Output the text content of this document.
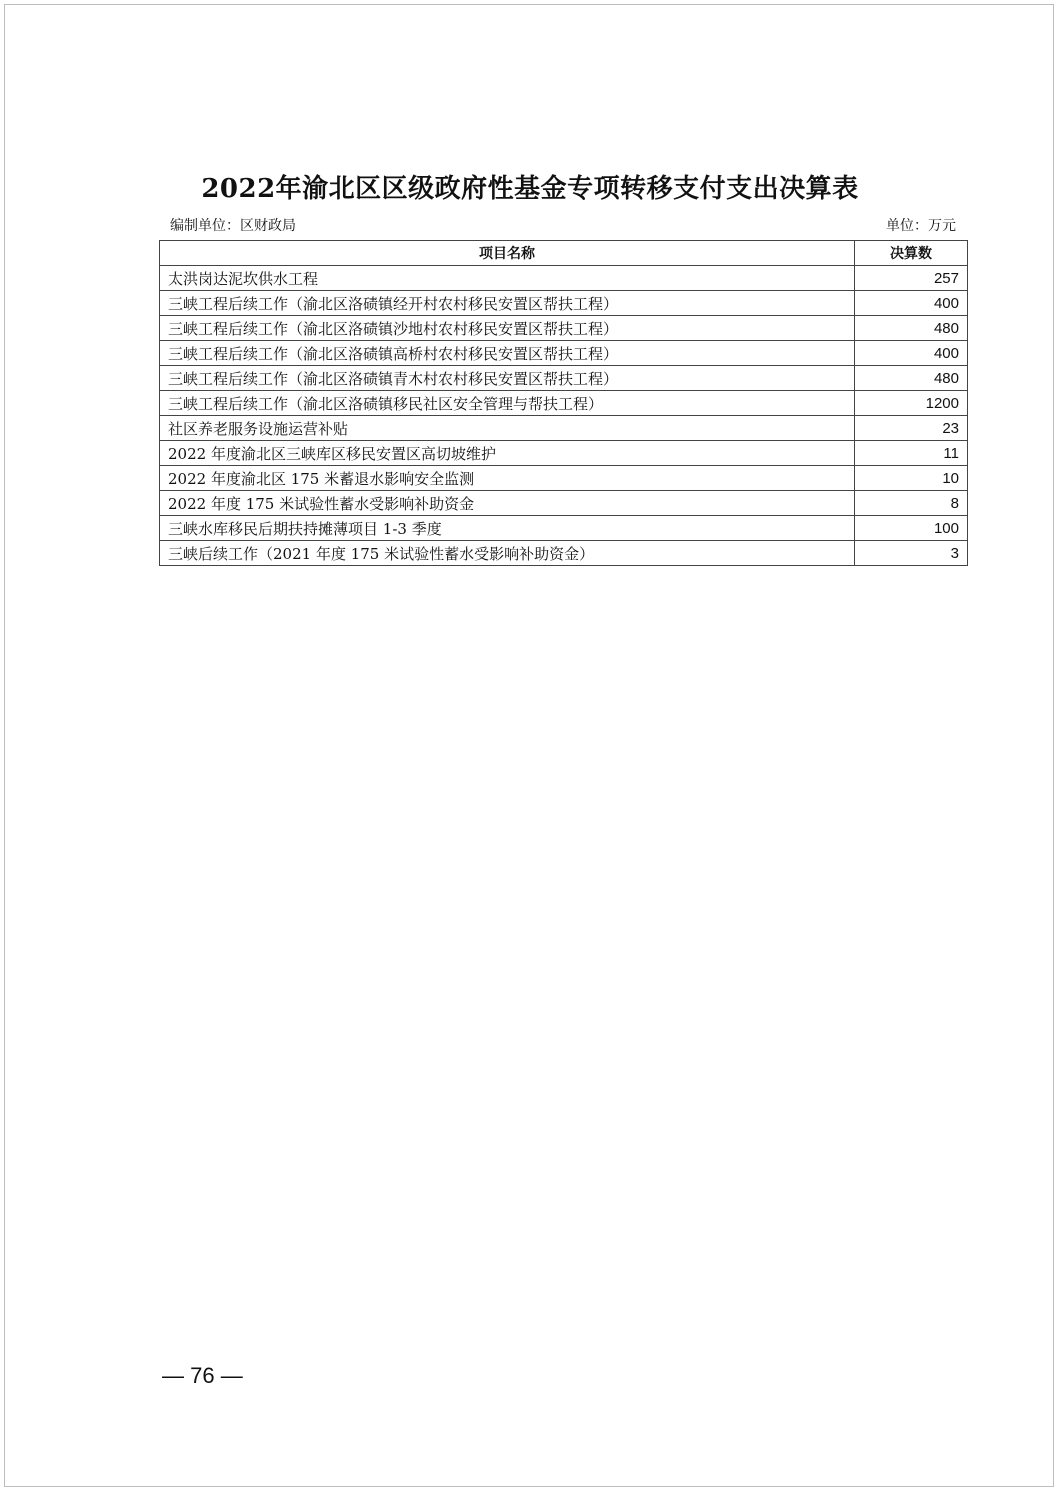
2022年渝北区区级政府性基金专项转移支付支出决算表
编制单位：区财政局	单位：万元
项目名称	决算数
太洪岗达泥坎供水工程	257
三峡工程后续工作（渝北区洛碛镇经开村农村移民安置区帮扶工程）	400
三峡工程后续工作（渝北区洛碛镇沙地村农村移民安置区帮扶工程）	480
三峡工程后续工作（渝北区洛碛镇高桥村农村移民安置区帮扶工程）	400
三峡工程后续工作（渝北区洛碛镇青木村农村移民安置区帮扶工程）	480
三峡工程后续工作（渝北区洛碛镇移民社区安全管理与帮扶工程）	1200
社区养老服务设施运营补贴	23
2022 年度渝北区三峡库区移民安置区高切坡维护	11
2022 年度渝北区 175 米蓄退水影响安全监测	10
2022 年度 175 米试验性蓄水受影响补助资金	8
三峡水库移民后期扶持摊薄项目 1-3 季度	100
三峡后续工作（2021 年度 175 米试验性蓄水受影响补助资金）	3
— 76 —
